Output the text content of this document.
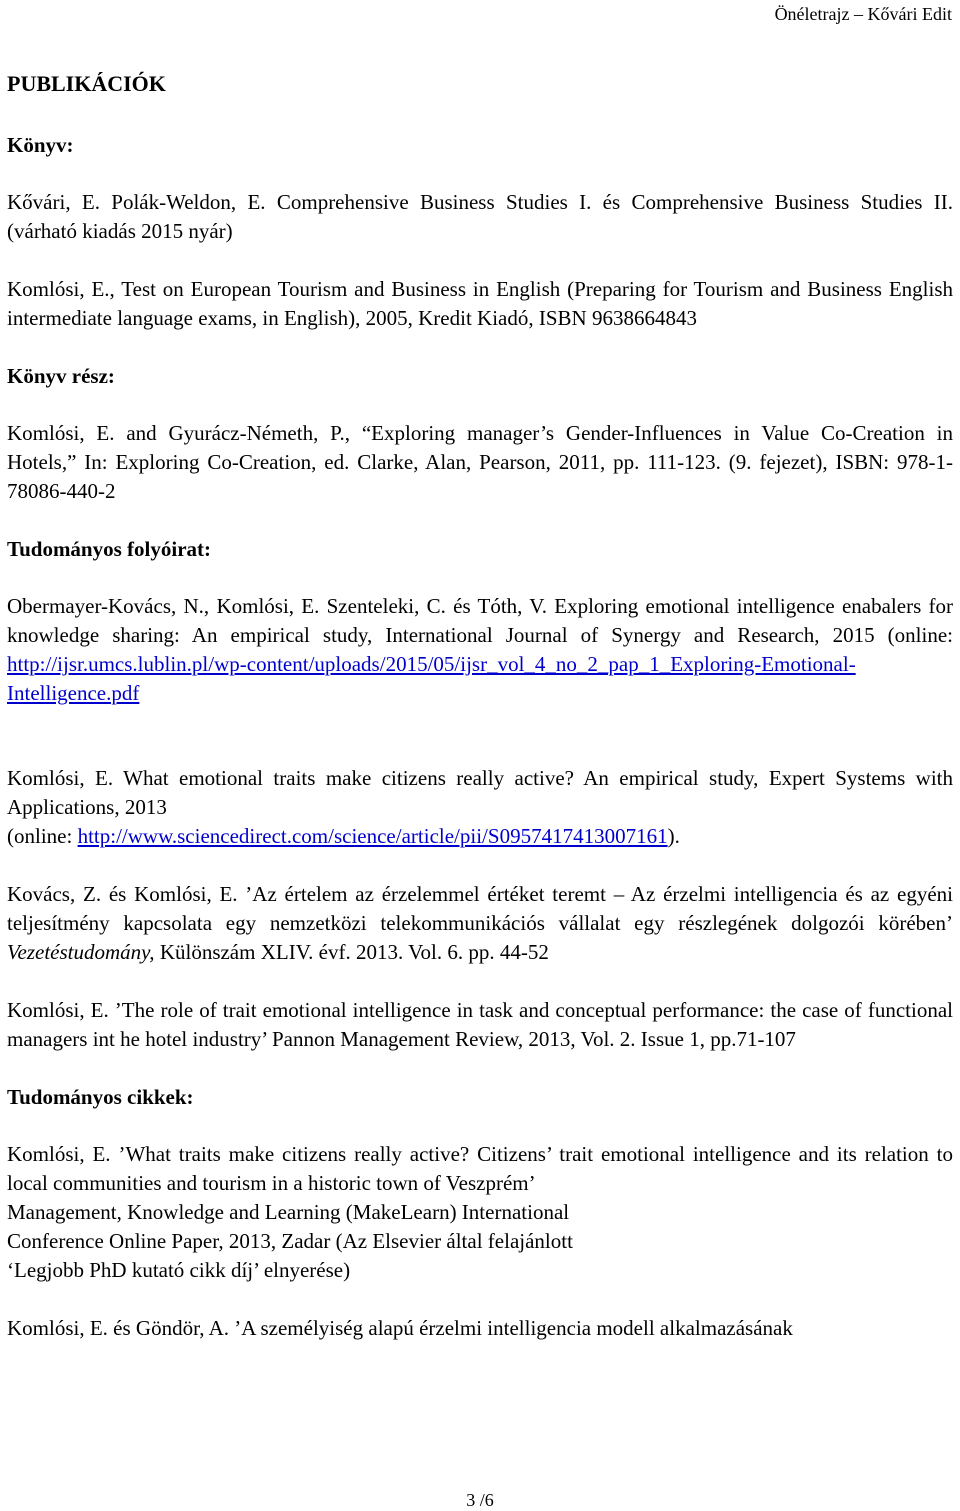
Önéletrajz – Kővári Edit
PUBLIKÁCIÓK
Könyv:

Kővári, E. Polák-Weldon, E. Comprehensive Business Studies I. és Comprehensive Business Studies II. (várható kiadás 2015 nyár)

Komlósi, E., Test on European Tourism and Business in English (Preparing for Tourism and Business English intermediate language exams, in English), 2005, Kredit Kiadó, ISBN 9638664843

Könyv rész:

Komlósi, E. and Gyurácz-Németh, P., “Exploring manager’s Gender-Influences in Value Co-Creation in Hotels,” In: Exploring Co-Creation, ed. Clarke, Alan, Pearson, 2011, pp. 111-123. (9. fejezet), ISBN: 978-1-78086-440-2

Tudományos folyóirat:

Obermayer-Kovács, N., Komlósi, E. Szenteleki, C. és Tóth, V. Exploring emotional intelligence enabalers for knowledge sharing: An empirical study, International Journal of Synergy and Research, 2015 (online: http://ijsr.umcs.lublin.pl/wp-content/uploads/2015/05/ijsr_vol_4_no_2_pap_1_Exploring-Emotional-Intelligence.pdf

Komlósi, E. What emotional traits make citizens really active? An empirical study, Expert Systems with Applications, 2013

(online: http://www.sciencedirect.com/science/article/pii/S0957417413007161).

Kovács, Z. és Komlósi, E. ’Az értelem az érzelemmel értéket teremt – Az érzelmi intelligencia és az egyéni teljesítmény kapcsolata egy nemzetközi telekommunikációs vállalat egy részlegének dolgozói körében’ Vezetéstudomány, Különszám XLIV. évf. 2013. Vol. 6. pp. 44-52

Komlósi, E. ’The role of trait emotional intelligence in task and conceptual performance: the case of functional managers int he hotel industry’ Pannon Management Review, 2013, Vol. 2. Issue 1, pp.71-107

Tudományos cikkek:

Komlósi, E. ’What traits make citizens really active? Citizens’ trait emotional intelligence and its relation to local communities and tourism in a historic town of Veszprém’

Management, Knowledge and Learning (MakeLearn) International

Conference Online Paper, 2013, Zadar (Az Elsevier által felajánlott

‘Legjobb PhD kutató cikk díj’ elnyerése)

Komlósi, E. és Göndör, A. ’A személyiség alapú érzelmi intelligencia modell alkalmazásának

3 /6
